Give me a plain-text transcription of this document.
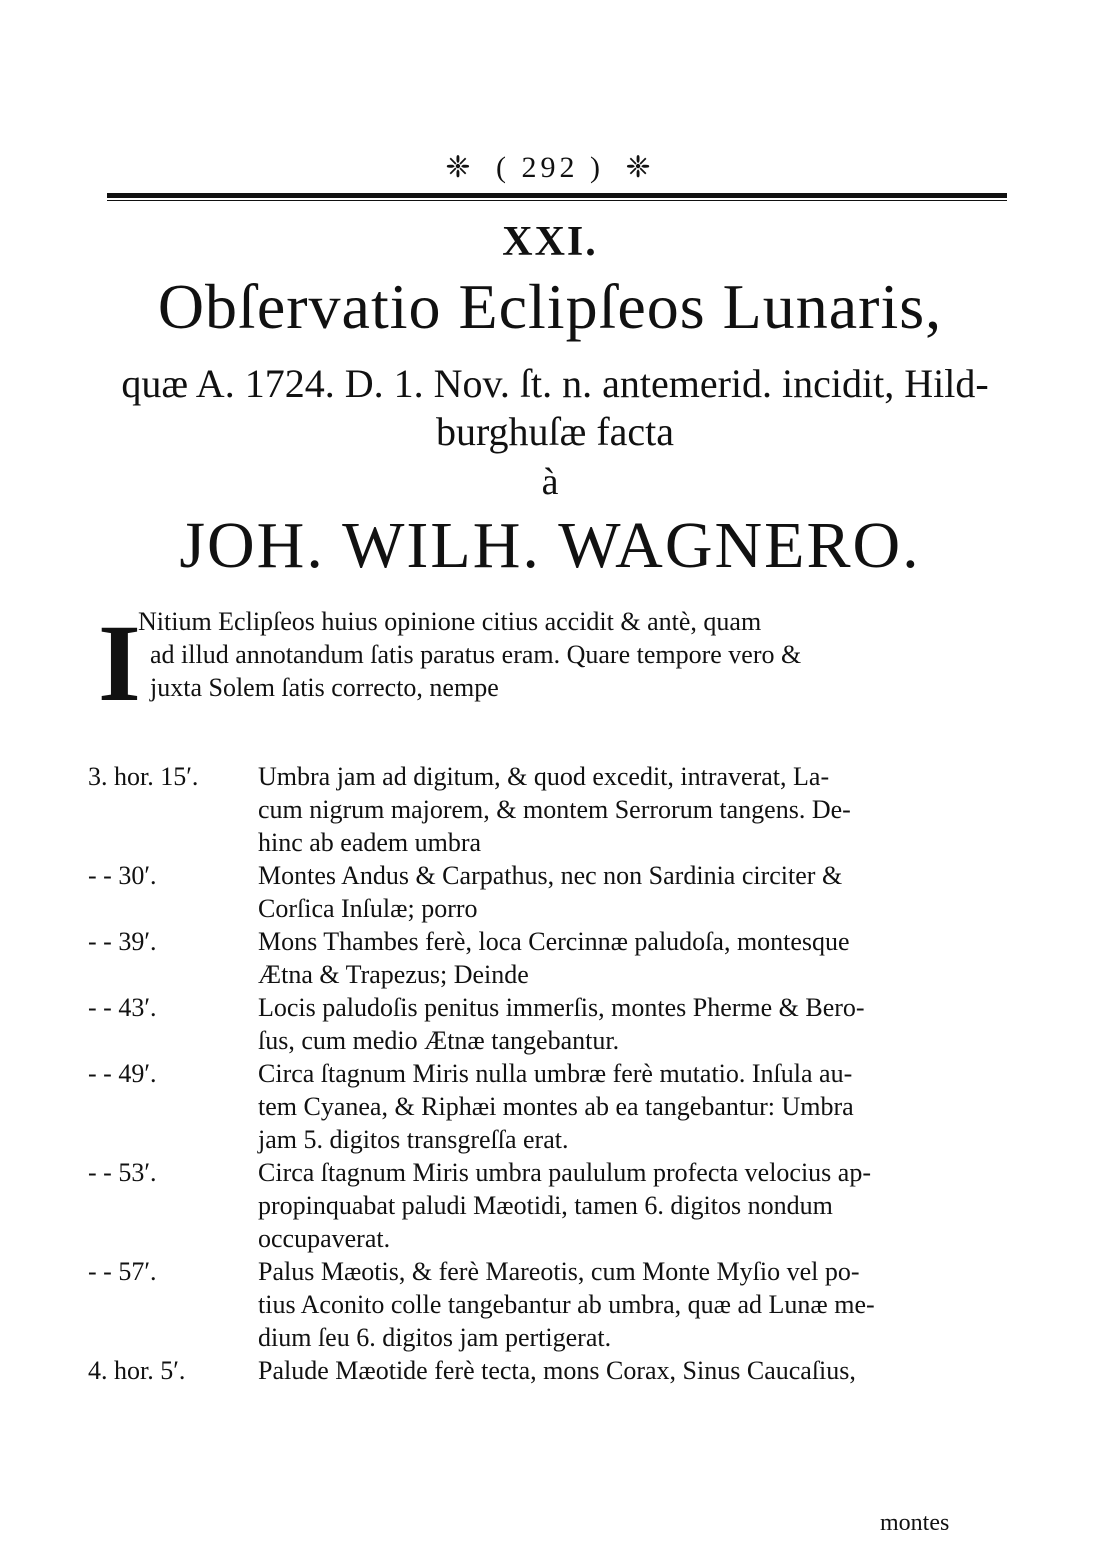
❈ ( 292 ) ❈
XXI.
Obſervatio Eclipſeos Lunaris,
quæ A. 1724. D. 1. Nov. ſt. n. antemerid. incidit, Hild-
burghuſæ facta
à
JOH. WILH. WAGNERO.
I
Nitium Eclipſeos huius opinione citius accidit & antè, quam
ad illud annotandum ſatis paratus eram. Quare tempore vero &
juxta Solem ſatis correcto, nempe
3. hor. 15′.	Umbra jam ad digitum, & quod excedit, intraverat, La-
cum nigrum majorem, & montem Serrorum tangens. De-
hinc ab eadem umbra
- - 30′.	Montes Andus & Carpathus, nec non Sardinia circiter &
Corſica Inſulæ; porro
- - 39′.	Mons Thambes ferè, loca Cercinnæ paludoſa, montesque
Ætna & Trapezus; Deinde
- - 43′.	Locis paludoſis penitus immerſis, montes Pherme & Bero-
ſus, cum medio Ætnæ tangebantur.
- - 49′.	Circa ſtagnum Miris nulla umbræ ferè mutatio. Inſula au-
tem Cyanea, & Riphæi montes ab ea tangebantur: Umbra
jam 5. digitos transgreſſa erat.
- - 53′.	Circa ſtagnum Miris umbra paululum profecta velocius ap-
propinquabat paludi Mæotidi, tamen 6. digitos nondum
occupaverat.
- - 57′.	Palus Mæotis, & ferè Mareotis, cum Monte Myſio vel po-
tius Aconito colle tangebantur ab umbra, quæ ad Lunæ me-
dium ſeu 6. digitos jam pertigerat.
4. hor. 5′.	Palude Mæotide ferè tecta, mons Corax, Sinus Caucaſius,
montes
